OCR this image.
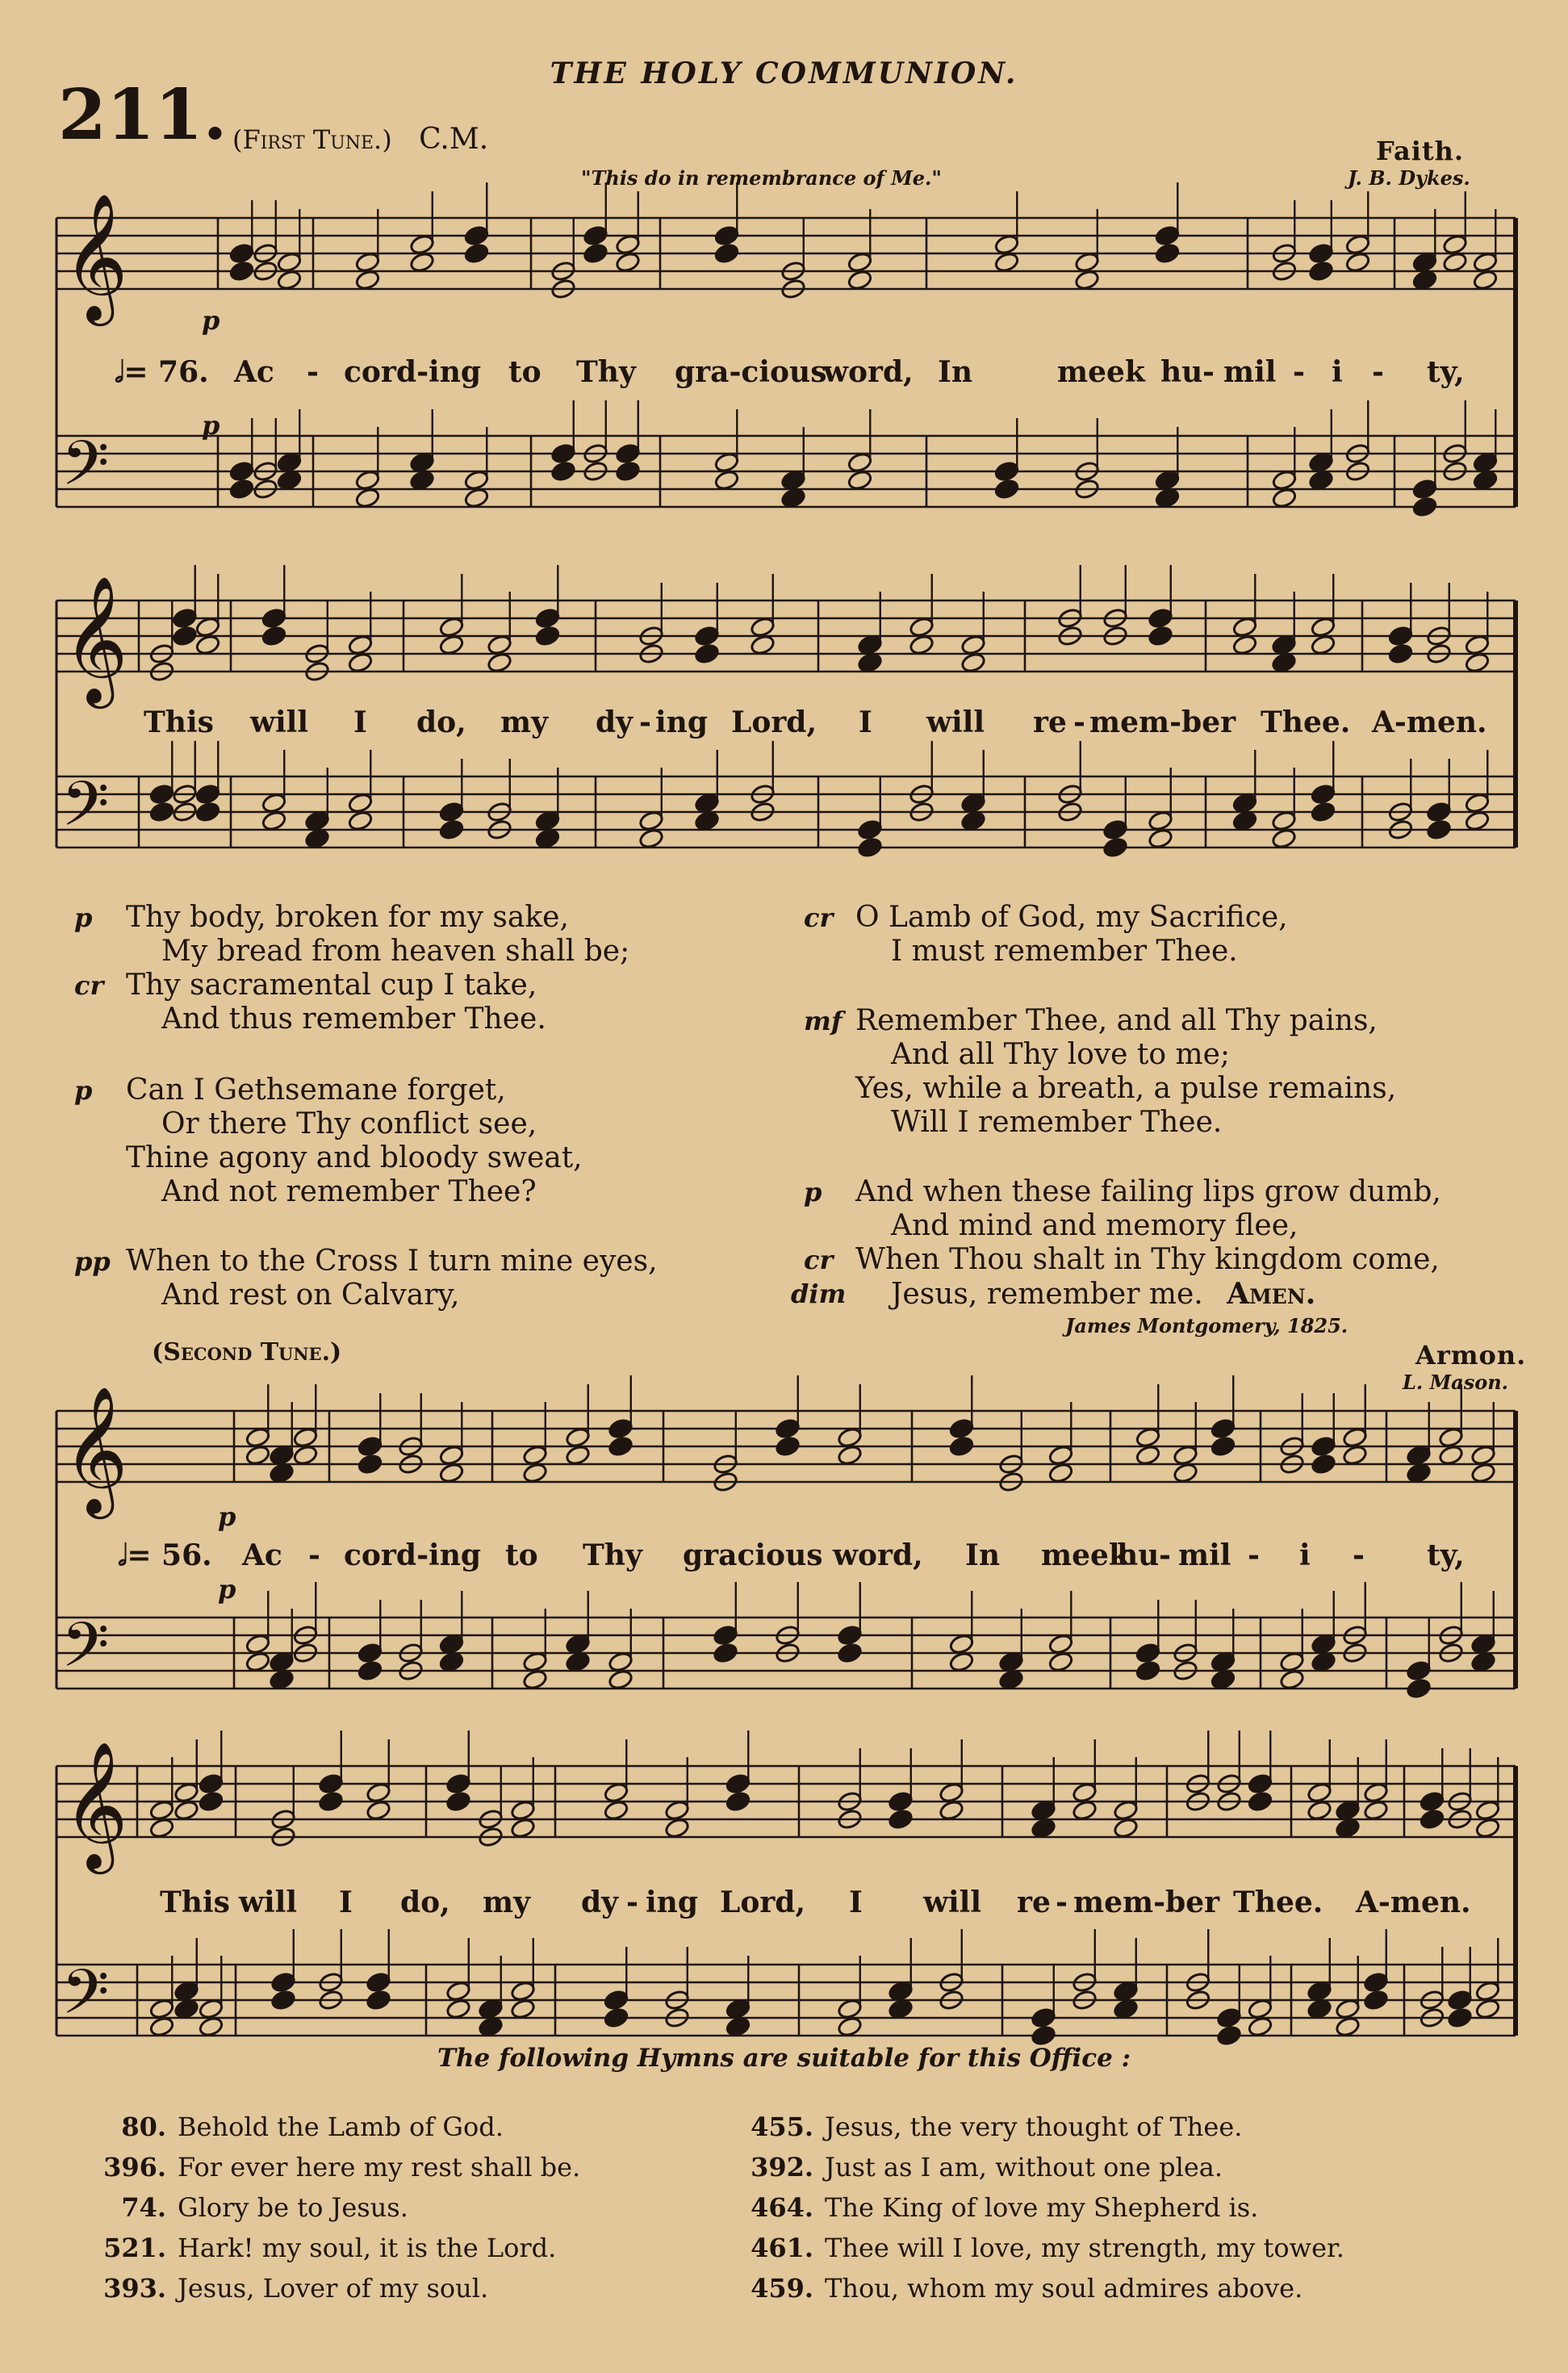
THE HOLY COMMUNION.
211. (First Tune.) C.M.	Faith.
J. B. Dykes.
"This do in remembrance of Me."
𝄞
𝄢
𝄞
𝄢
𝄞
𝄢
𝄞
𝄢
p
p
𝅗𝅥= 76. Ac - cord-ing to Thy gra-cious
word, In	meek hu - mil - i - ty,
This will I do, my dy - ing Lord, I will re - mem-ber Thee. A-men.
p
cr
Thy body, broken for my sake,
My bread from heaven shall be;
Thy sacramental cup I take,
And thus remember Thee.
p Can I Gethsemane forget,
Or there Thy conflict see,
Thine agony and bloody sweat,
And not remember Thee?
pp When to the Cross I turn mine eyes,
And rest on Calvary,
cr O Lamb of God, my Sacrifice,
I must remember Thee.
mf Remember Thee, and all Thy pains,
And all Thy love to me;
Yes, while a breath, a pulse remains,
Will I remember Thee.
p
cr
dim
And when these failing lips grow dumb,
And mind and memory flee,
When Thou shalt in Thy kingdom come,
Jesus, remember me. Amen.
James Montgomery, 1825.
(Second Tune.)	Armon.
L. Mason.
p
p
𝅗𝅥= 56. Ac - cord-ing to Thy gracious word, In meek
hu - mil - i - ty,
This will I do, my dy - ing Lord, I will re - mem-ber Thee. A-men.
The following Hymns are suitable for this Office :
80. Behold the Lamb of God.
396. For ever here my rest shall be.
74. Glory be to Jesus.
521. Hark! my soul, it is the Lord.
393. Jesus, Lover of my soul.
455. Jesus, the very thought of Thee.
392. Just as I am, without one plea.
464. The King of love my Shepherd is.
461. Thee will I love, my strength, my tower.
459. Thou, whom my soul admires above.
